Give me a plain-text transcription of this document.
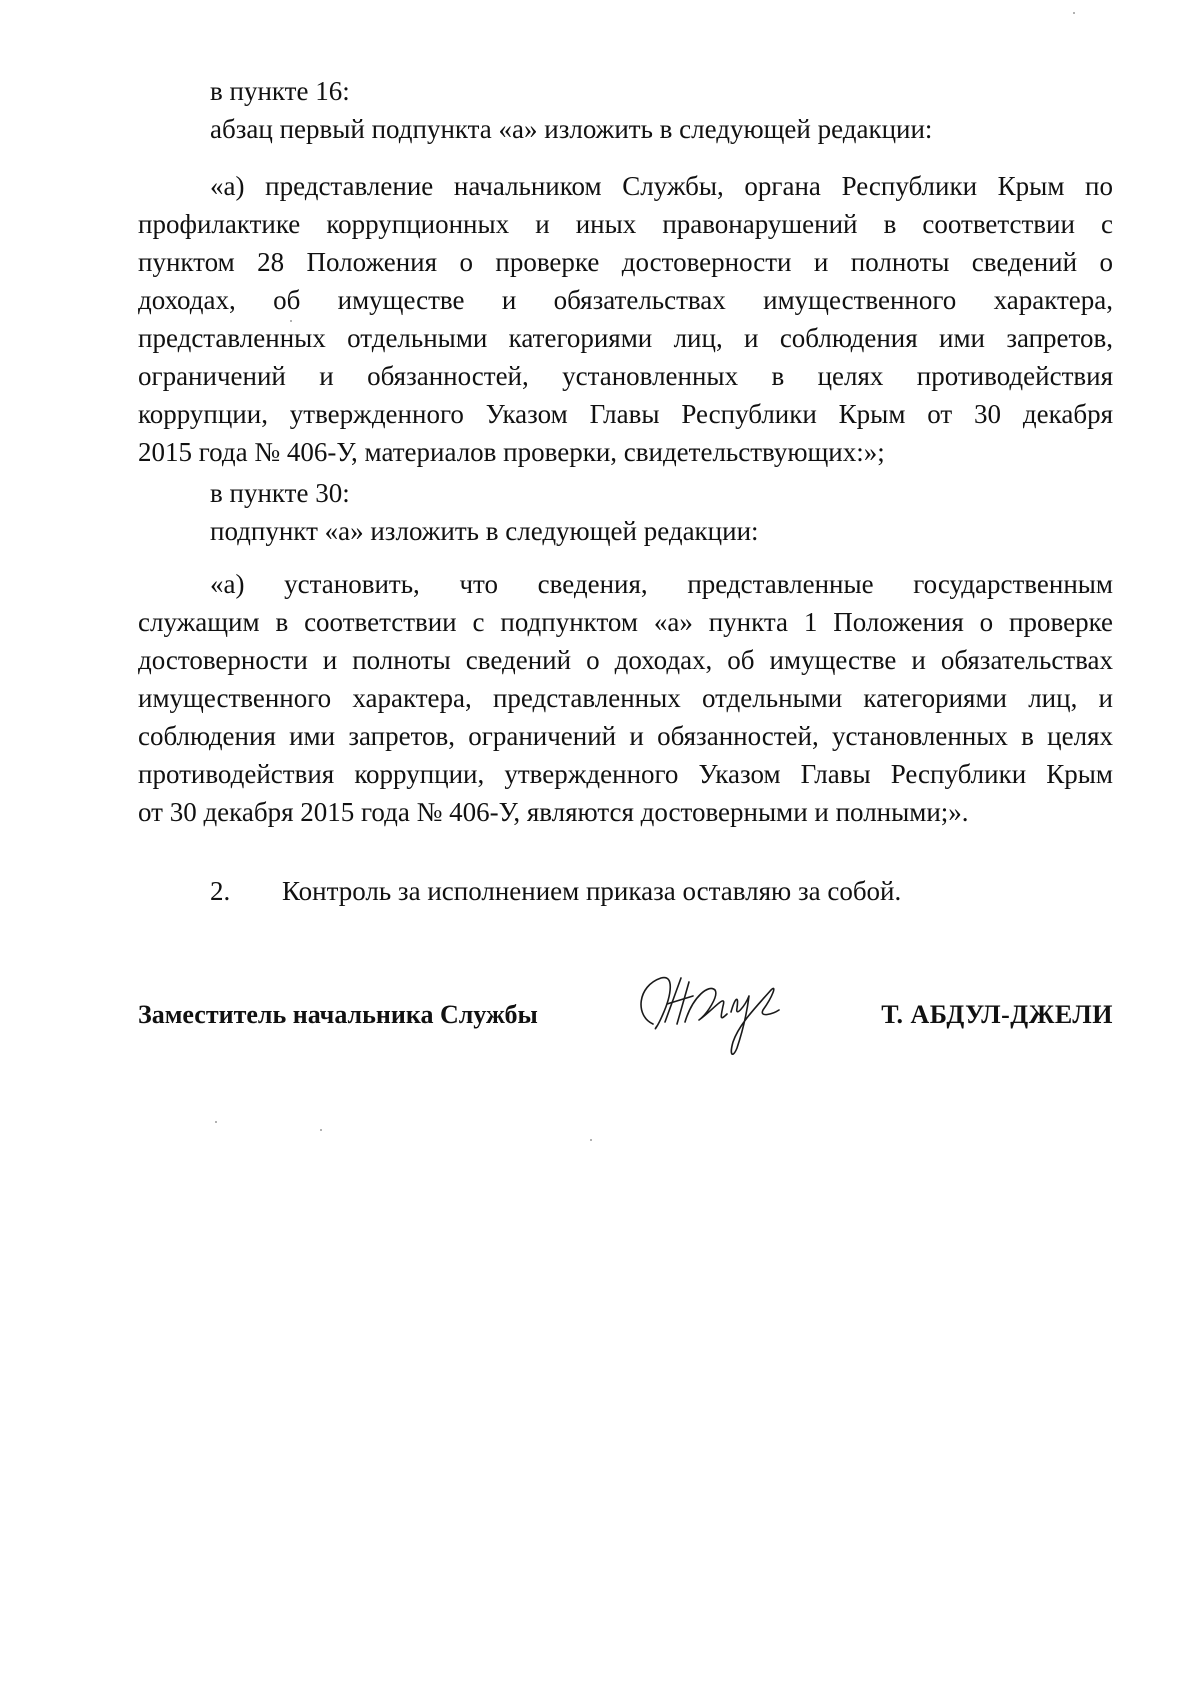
в пункте 16:
абзац первый подпункта «а» изложить в следующей редакции:
«а) представление начальником Службы, органа Республики Крым по
профилактике коррупционных и иных правонарушений в соответствии с
пунктом 28 Положения о проверке достоверности и полноты сведений о
доходах, об имуществе и обязательствах имущественного характера,
представленных отдельными категориями лиц, и соблюдения ими запретов,
ограничений и обязанностей, установленных в целях противодействия
коррупции, утвержденного Указом Главы Республики Крым от 30 декабря
2015 года № 406-У, материалов проверки, свидетельствующих:»;
в пункте 30:
подпункт «а» изложить в следующей редакции:
«а) установить, что сведения, представленные государственным
служащим в соответствии с подпунктом «а» пункта 1 Положения о проверке
достоверности и полноты сведений о доходах, об имуществе и обязательствах
имущественного характера, представленных отдельными категориями лиц, и
соблюдения ими запретов, ограничений и обязанностей, установленных в целях
противодействия коррупции, утвержденного Указом Главы Республики Крым
от 30 декабря 2015 года № 406-У, являются достоверными и полными;».
2. Контроль за исполнением приказа оставляю за собой.
Заместитель начальника Службы	Т. АБДУЛ-ДЖЕЛИ
